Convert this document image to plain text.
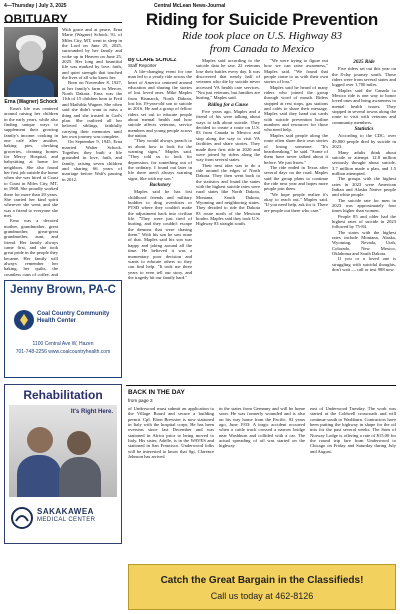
4—Thursday | July 3, 2025	Central McLean News-Journal
OBITUARY
Erna (Wagner) Schock

With grace and at peace, Erna Marie (Wagner) Schock, 91, of Miles City, MT, went to sleep in the Lord on June 25, 2025, surrounded by her family and woke up in Heaven on June 25, 2025. Her long and beautiful life was marked by love, faith, and quiet strength that touched the lives of all who knew her.

Born on November 8, 1927, at her family's farm in Mercer, North Dakota, Erna was the 11th of 15 children born to Fred and Mathilda Wagner. She often said she didn't want to miss a thing and she trusted in God's plan. She outlived all her beloved siblings, faithfully carrying their memories until her own journey was complete.

On September 9, 1945, Erna married Walter Schock. Together, they built a life grounded in love, faith, and family, raising seven children and sharing 66 years of marriage before Walt's passing in 2012.

Erna's life was centered around raising her children in the early years, while also finding unique ways to supplement their growing family's income: cooking in one café after another, baking pies, checking groceries, cleaning homes for Mercy Hospital, and babysitting at home for neighbors. She also found her first job outside the home when she was hired at Coast to Coast in Miles City, MT, in 1968. She proudly worked there for more than 20 years. She carried her kind spirit wherever she went, and she was a friend to everyone she met.

Erna was a devoted mother, grandmother, great grandmother, great-great grandmother, aunt, and friend. Her family always came first, and she took great pride in the people they became. Her family will always remember her baking, her quilts, the countless cups of coffee, and

Riding for Suicide Prevention
Ride took place on U.S. Highway 83
from Canada to Mexico
By CLARE SCHULZ
Staff Reporter

A life-changing event for one man led to a yearly ride across the heart of America centered around education and sharing the stories of lost loved ones. Mike Maples from Bismarck, North Dakota, lost his 19-year-old son to suicide in 2016. He and a group of fellow riders set out to educate people about mental health and how suicide affects veterans, service members and young people across the nation.

"They would always preach to us about how to look for the warning signs," Maples said. "They told us to look for depression, for something out of the ordinary. I found out later in life there aren't always warning signs, like with my son."

Backstory

Maples said he has lost childhood friends and military buddies to drug overdoses or PTSD where they couldn't make the adjustment back into civilian life. "They were just tired of hurting, and they couldn't escape the demons that were chasing them." With his son he saw none of that. Maples said his son was happy and joking around all the time. He believed it was a momentary poor decision and wants to educate others so they can find help. "It took me three years to even tell our story, and the tragedy hit our family hard."

Maples said according to the suicide data he saw, 22 veterans lose their battles every day. It was discovered that nearly half of veterans who die by suicide never accessed VA health care services. "Not just veterans, but families are hurting," Maples said.

Riding for a Cause

Five years ago, Maples and a friend of his were talking about ways to talk about suicide. They decided to create a route on U.S. 83 from Canada to Mexico and stop along the way to visit VA facilities and share stories. They made their first ride in 2020 and were joined by riders along the way from several states.

Their next idea was to do a ride around the edges of North Dakota. They then went back to the statistics and found the states with the highest suicide rates were rural states like North Dakota, Montana, South Dakota, Wyoming and neighboring states. They decided to ride the Dakota 83 route north of the Mexican border. Maples said they took U.S. Highway 83 straight south.

"We were trying to figure out how we can raise awareness," Maples said. "We found that people come to us with their own stories of loss."

Maples said he heard of many riders who joined the group through word of mouth. Riders stopped at rest stops, gas stations and cafés to share their message. Maples said they hand out cards with suicide prevention hotline numbers and resources for those who need help.

Maples said people along the route often share their own stories of losing someone. "It's heartbreaking," he said. "Some of them have never talked about it before. We just listen."

The ride ended in Texas after several days on the road. Maples said the group plans to continue the ride next year and hopes more people join them.

"We hope people realize it's okay to reach out," Maples said. "If you need help, ask for it. There are people out there who care."

2025 Ride

Five riders set out this year on the 8-day journey south. Those riders were from several states and logged over 1,700 miles.

Maples said the Canada to Mexico ride is one way to honor loved ones and bring awareness to mental health issues. They stopped in several towns along the route to visit with veterans and community members.

Statistics

According to the CDC, over 49,000 people died by suicide in 2023.

Many adults think about suicide or attempt. 12.8 million seriously thought about suicide, 3.7 million made a plan, and 1.5 million attempted.

The groups with the highest rates in 2023 were American Indian and Alaska Native people and white people.

The suicide rate for men in 2023 was approximately four times higher than women.

People 85 and older had the highest rates of suicide in 2023 followed by 75-84.

The states with the highest rates include Montana, Alaska, Wyoming, Nevada, Utah, Colorado, New Mexico, Oklahoma and South Dakota.

If you or a loved one is struggling with suicidal thoughts, don't wait — call or text 988 now.

BACK IN THE DAY
from page 3

of Underwood must submit an application to the Village Board and secure a building permit. Cpl. Elton Brewster is now stationed in Italy with the hospital corps. He has been overseas since last December and was stationed in Africa prior to being moved to Italy. His sister, Adelle, is in the WAVES and stationed in San Francisco. Underwood folks will be interested to know that Sgt. Clarence Johnson has arrived

in the states from Germany and will be home soon. He was formerly wounded and is also on his way home from the Pacific. 92 years ago, June 1933: A tragic accident occurred when a cattle truck crossed a narrow bridge near Washburn and collided with a car. The actual spreading of oil was started on the highway

east of Underwood Tuesday. The work was started at the Coldwell crossroads and will continue south to Washburn. Contractors have been putting the highway in shape for the oil mix for the past several weeks. The Sons of Norway Lodge is offering a rate of $15.00 for the round trip fare from Underwood to Chicago on Friday and Saturday during July and August.

Jenny Brown, PA-C
Coal Country Community Health Center
1100 Central Ave W, Hazen
701-748-2256 www.coalcountryhealth.com
Rehabilitation
It's Right Here.
SAKAKAWEA
MEDICAL CENTER
Catch the Great Bargain in the Classifieds!
Call us today at 462-8126
